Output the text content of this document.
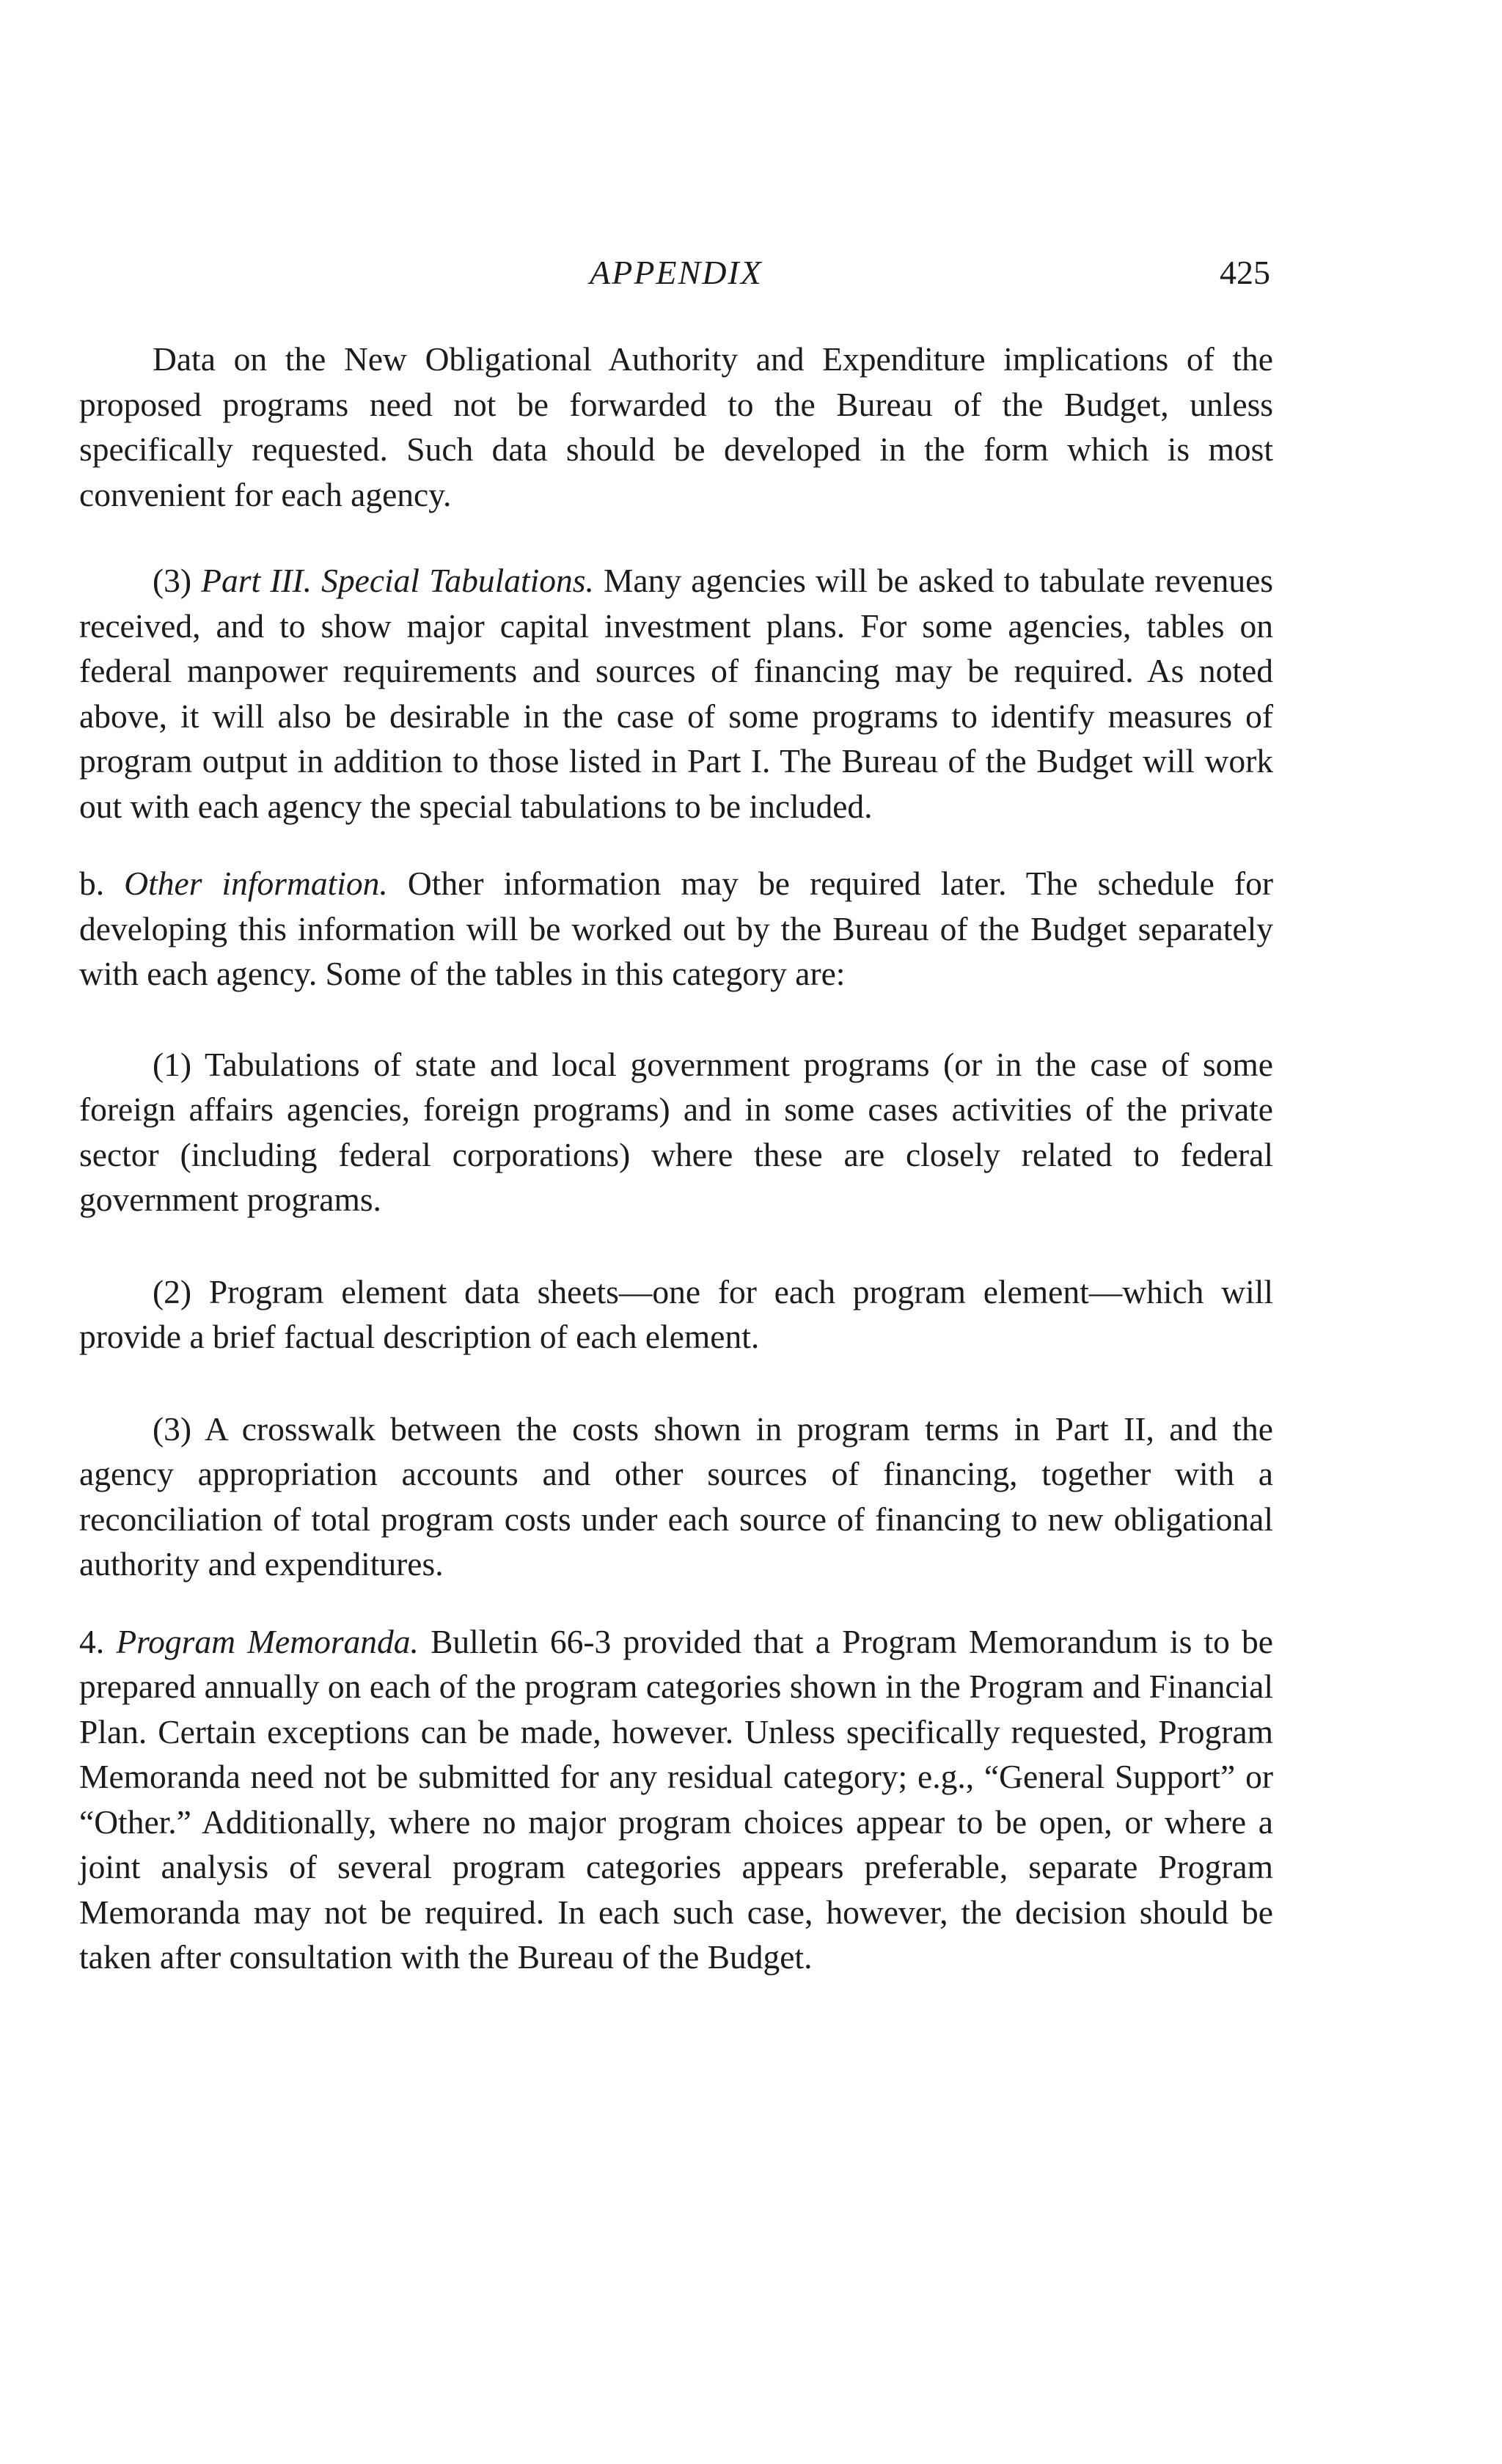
APPENDIX	425

Data on the New Obligational Authority and Expenditure implications of the proposed programs need not be forwarded to the Bureau of the Budget, unless specifically requested. Such data should be developed in the form which is most convenient for each agency.

(3) Part III. Special Tabulations. Many agencies will be asked to tabulate revenues received, and to show major capital investment plans. For some agencies, tables on federal manpower requirements and sources of financing may be required. As noted above, it will also be desirable in the case of some programs to identify measures of program output in addition to those listed in Part I. The Bureau of the Budget will work out with each agency the special tabulations to be included.

b. Other information. Other information may be required later. The schedule for developing this information will be worked out by the Bureau of the Budget separately with each agency. Some of the tables in this category are:

(1) Tabulations of state and local government programs (or in the case of some foreign affairs agencies, foreign programs) and in some cases activities of the private sector (including federal corporations) where these are closely related to federal government programs.

(2) Program element data sheets—one for each program element—which will provide a brief factual description of each element.

(3) A crosswalk between the costs shown in program terms in Part II, and the agency appropriation accounts and other sources of financing, together with a reconciliation of total program costs under each source of financing to new obligational authority and expenditures.

4. Program Memoranda. Bulletin 66-3 provided that a Program Memorandum is to be prepared annually on each of the program categories shown in the Program and Financial Plan. Certain exceptions can be made, however. Unless specifically requested, Program Memoranda need not be submitted for any residual category; e.g., “General Support” or “Other.” Additionally, where no major program choices appear to be open, or where a joint analysis of several program categories appears preferable, separate Program Memoranda may not be required. In each such case, however, the decision should be taken after consultation with the Bureau of the Budget.
